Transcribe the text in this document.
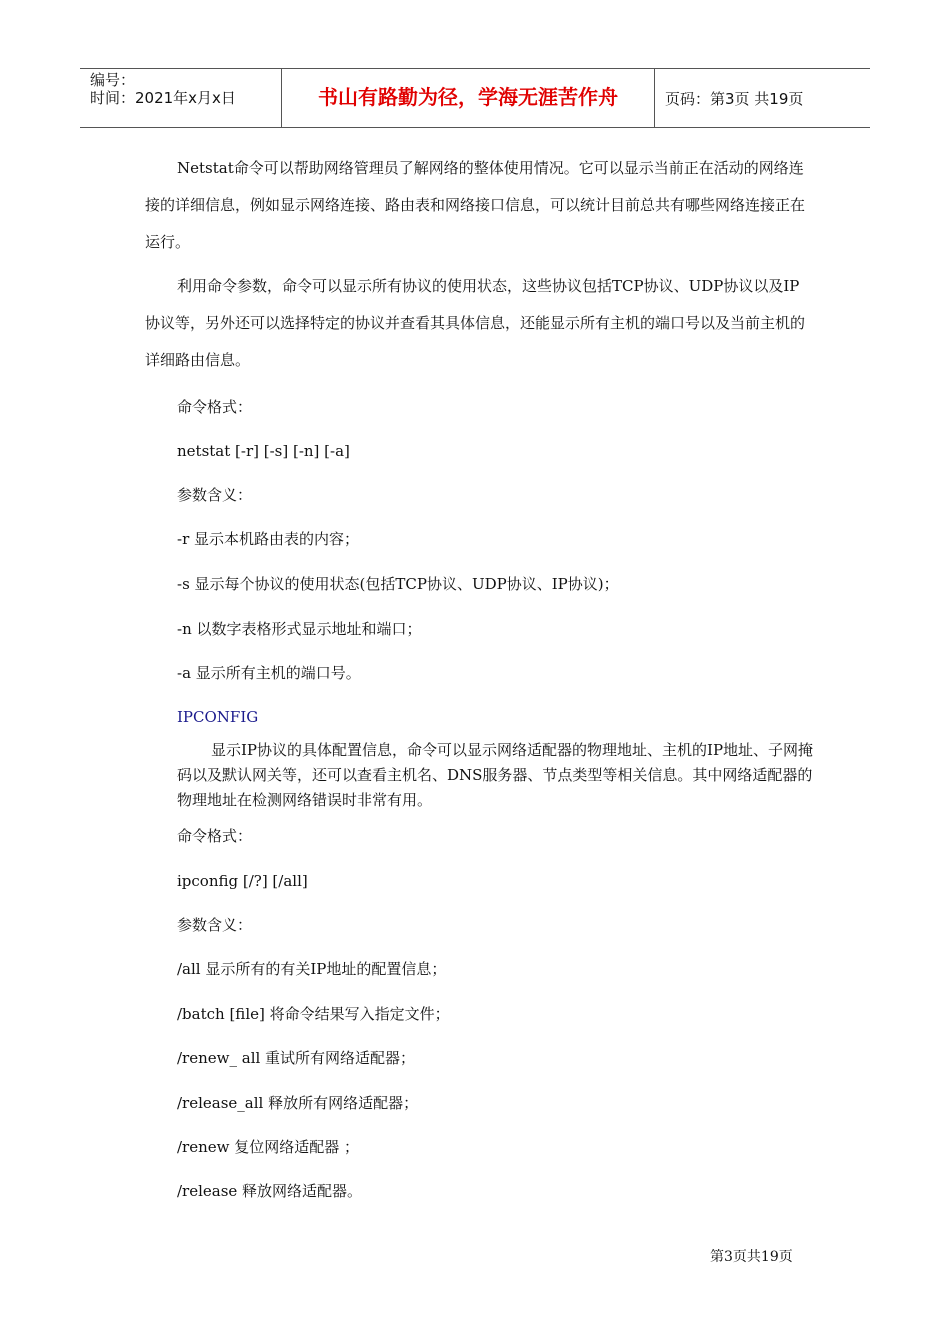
编号：
时间：2021年x月x日	书山有路勤为径，学海无涯苦作舟	页码：第3页 共19页

Netstat命令可以帮助网络管理员了解网络的整体使用情况。它可以显示当前正在活动的网络连接的详细信息，例如显示网络连接、路由表和网络接口信息，可以统计目前总共有哪些网络连接正在运行。

利用命令参数，命令可以显示所有协议的使用状态，这些协议包括TCP协议、UDP协议以及IP协议等，另外还可以选择特定的协议并查看其具体信息，还能显示所有主机的端口号以及当前主机的详细路由信息。

命令格式：
netstat [-r] [-s] [-n] [-a]
参数含义：
-r 显示本机路由表的内容；
-s 显示每个协议的使用状态(包括TCP协议、UDP协议、IP协议)；
-n 以数字表格形式显示地址和端口；
-a 显示所有主机的端口号。
IPCONFIG

显示IP协议的具体配置信息，命令可以显示网络适配器的物理地址、主机的IP地址、子网掩码以及默认网关等，还可以查看主机名、DNS服务器、节点类型等相关信息。其中网络适配器的物理地址在检测网络错误时非常有用。

命令格式：
ipconfig [/?] [/all]
参数含义：
/all 显示所有的有关IP地址的配置信息；
/batch [file] 将命令结果写入指定文件；
/renew_ all 重试所有网络适配器；
/release_all 释放所有网络适配器；
/renew 复位网络适配器 ；
/release 释放网络适配器。
第3页共19页
